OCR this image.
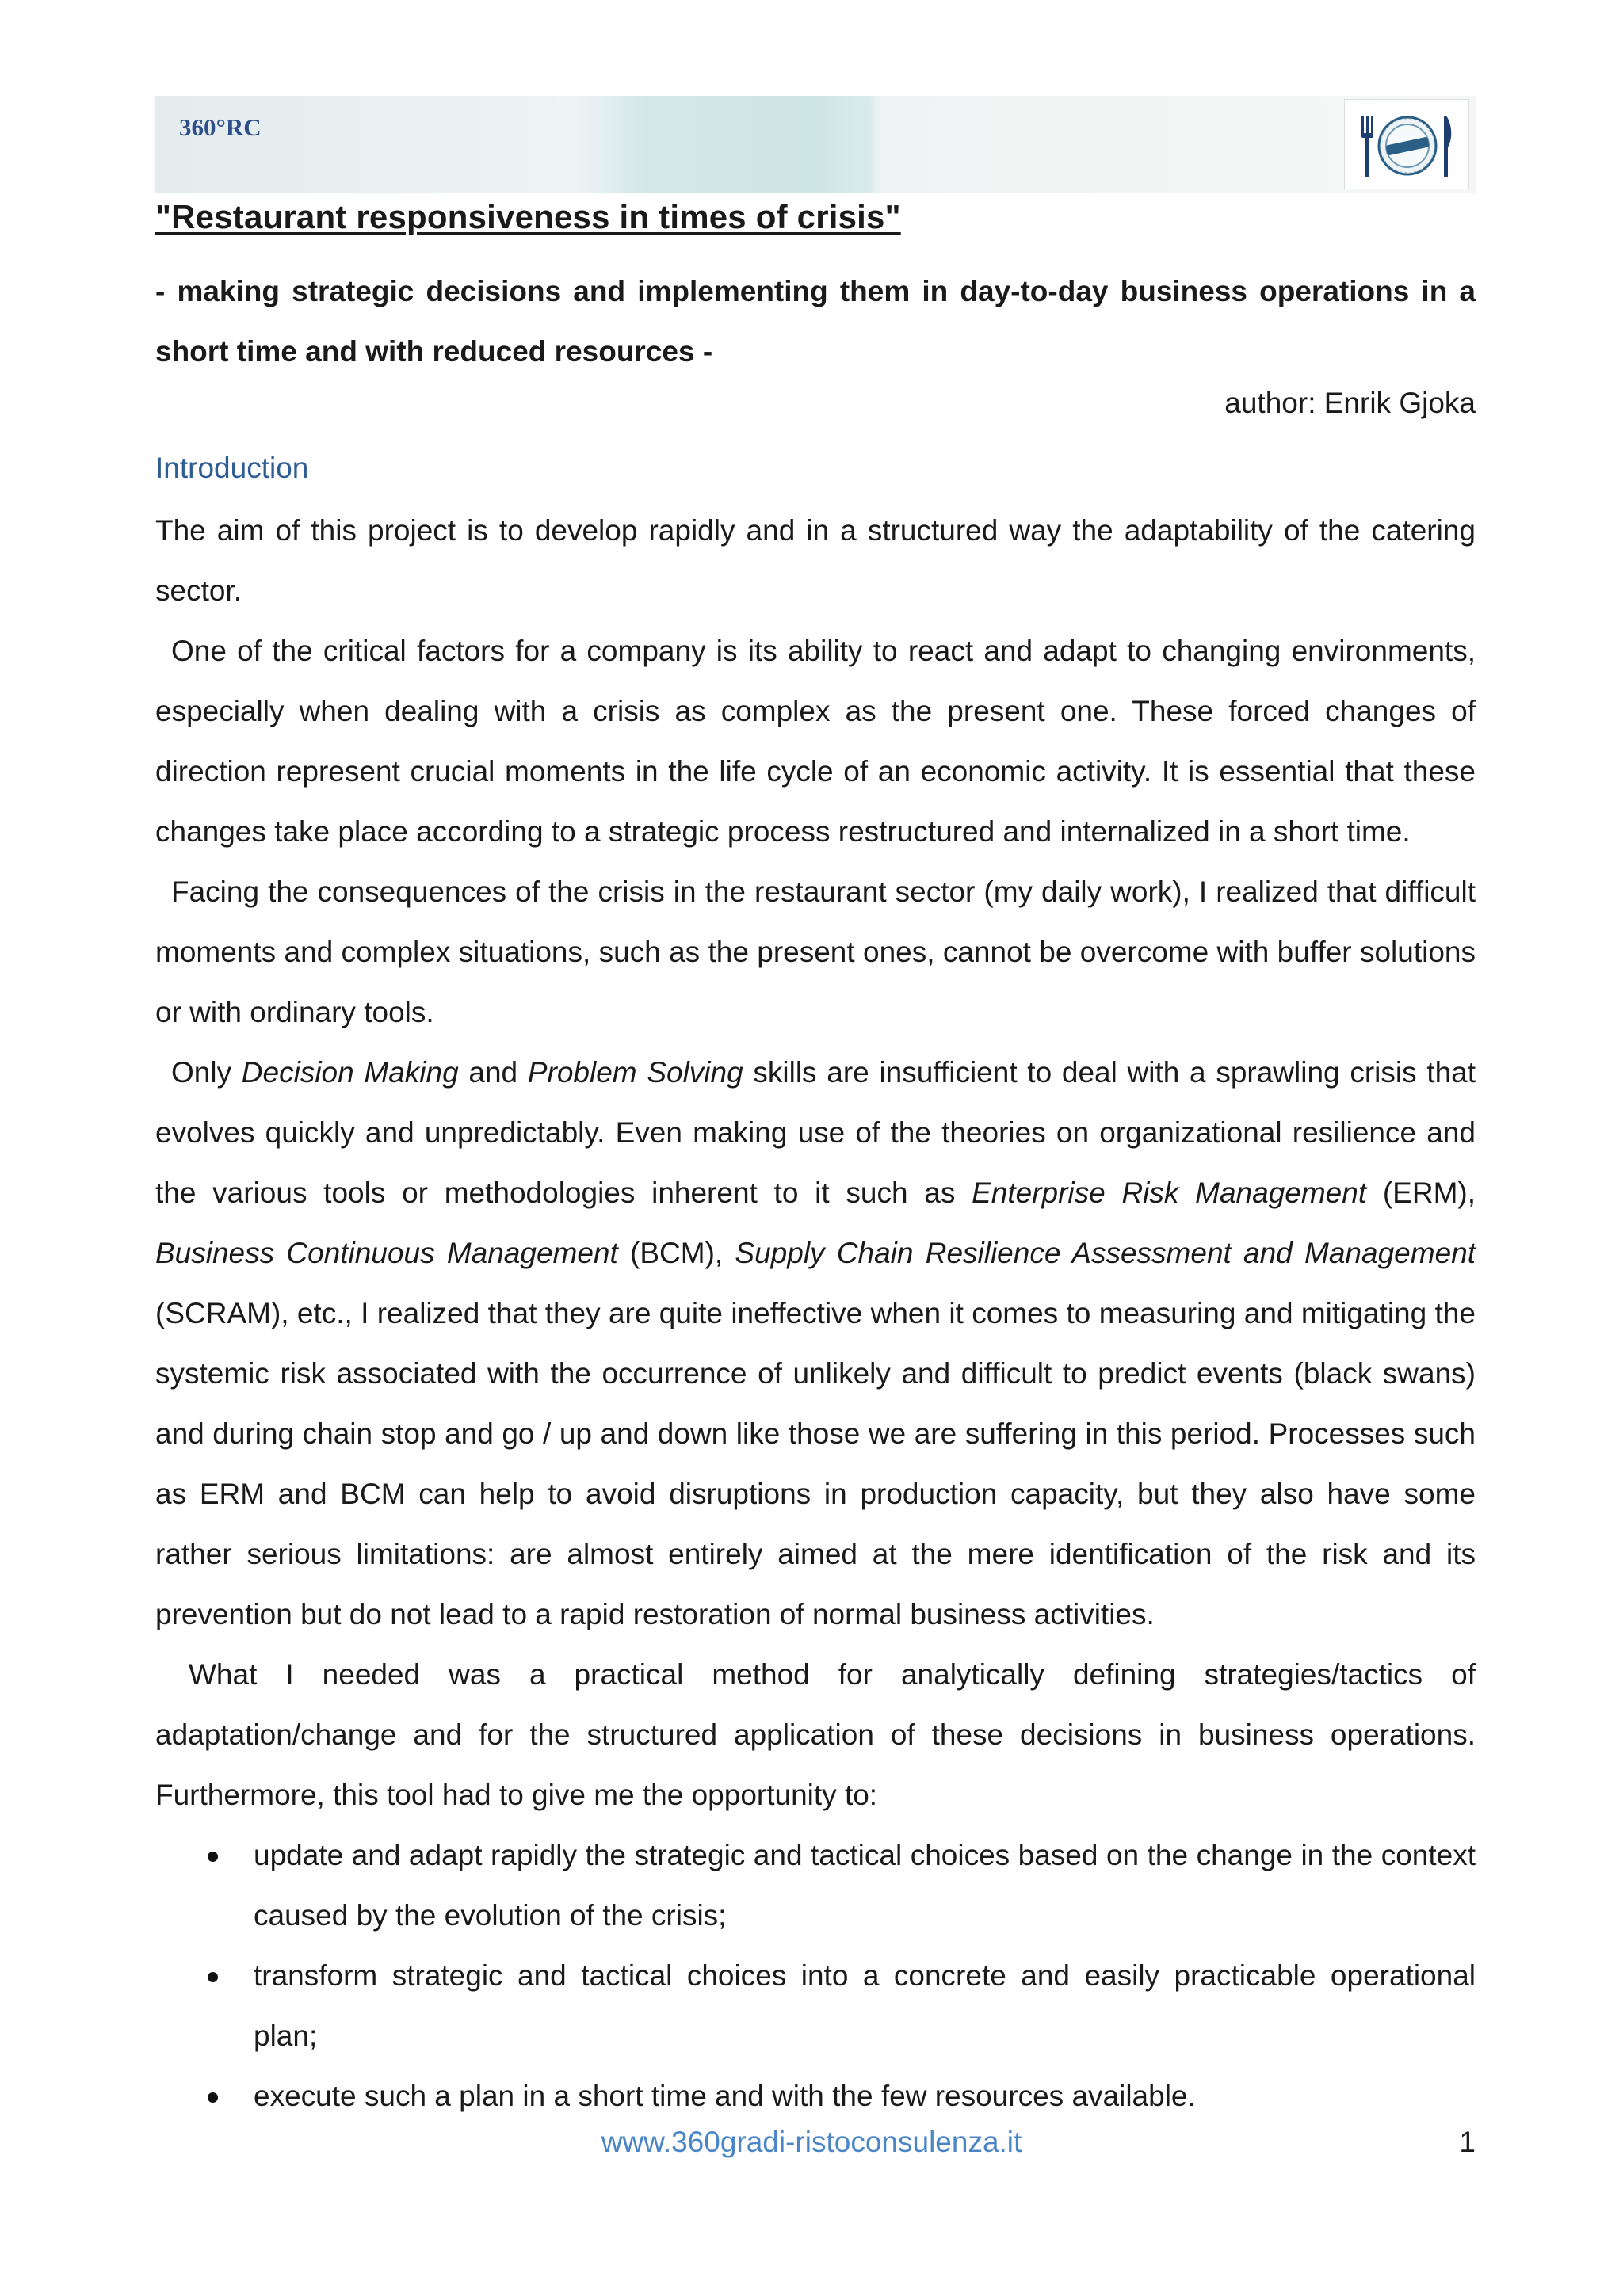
360°RC
"Restaurant responsiveness in times of crisis"
- making strategic decisions and implementing them in day-to-day business operations in a short time and with reduced resources -
author: Enrik Gjoka
Introduction

The aim of this project is to develop rapidly and in a structured way the adaptability of the catering sector.

One of the critical factors for a company is its ability to react and adapt to changing environments, especially when dealing with a crisis as complex as the present one. These forced changes of direction represent crucial moments in the life cycle of an economic activity. It is essential that these changes take place according to a strategic process restructured and internalized in a short time.

Facing the consequences of the crisis in the restaurant sector (my daily work), I realized that difficult moments and complex situations, such as the present ones, cannot be overcome with buffer solutions or with ordinary tools.

Only Decision Making and Problem Solving skills are insufficient to deal with a sprawling crisis that evolves quickly and unpredictably. Even making use of the theories on organizational resilience and the various tools or methodologies inherent to it such as Enterprise Risk Management (ERM), Business Continuous Management (BCM), Supply Chain Resilience Assessment and Management (SCRAM), etc., I realized that they are quite ineffective when it comes to measuring and mitigating the systemic risk associated with the occurrence of unlikely and difficult to predict events (black swans) and during chain stop and go / up and down like those we are suffering in this period. Processes such as ERM and BCM can help to avoid disruptions in production capacity, but they also have some rather serious limitations: are almost entirely aimed at the mere identification of the risk and its prevention but do not lead to a rapid restoration of normal business activities.

What I needed was a practical method for analytically defining strategies/tactics of adaptation/change and for the structured application of these decisions in business operations. Furthermore, this tool had to give me the opportunity to:

update and adapt rapidly the strategic and tactical choices based on the change in the context caused by the evolution of the crisis;
transform strategic and tactical choices into a concrete and easily practicable operational plan;
execute such a plan in a short time and with the few resources available.
www.360gradi-ristoconsulenza.it	1
